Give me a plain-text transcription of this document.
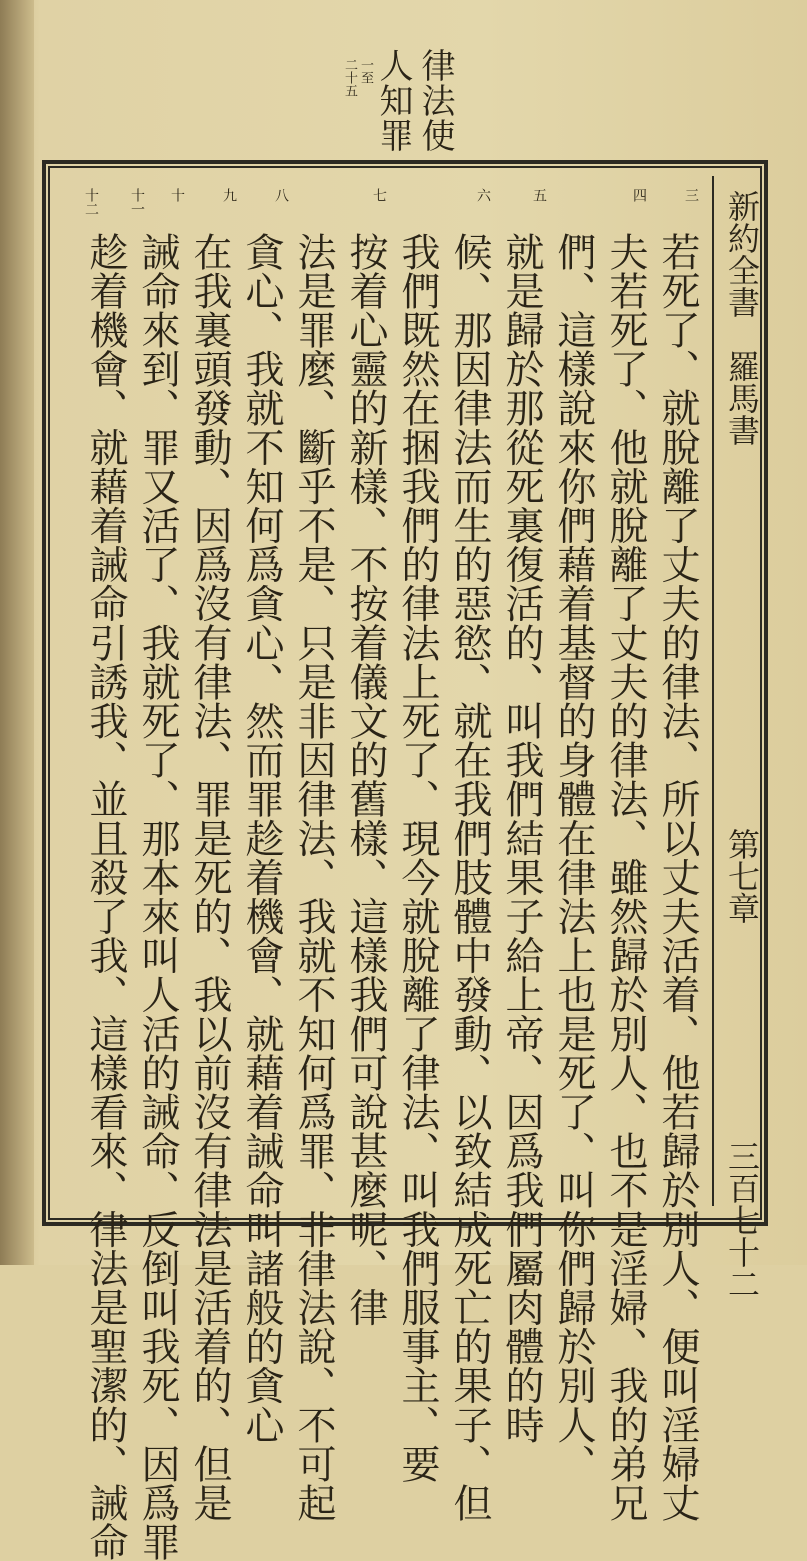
律法使
人知罪
一至
二十五
新約全書　羅馬書
第七章
三百七十二
三
四
五
六
七
八
九
十
十一
十二
若死了、就脫離了丈夫的律法、所以丈夫活着、他若歸於別人、便叫淫婦丈
夫若死了、他就脫離了丈夫的律法、雖然歸於別人、也不是淫婦、我的弟兄
們、這樣說來你們藉着基督的身體在律法上也是死了、叫你們歸於別人、
就是歸於那從死裏復活的、叫我們結果子給上帝、因爲我們屬肉體的時
候、那因律法而生的惡慾、就在我們肢體中發動、以致結成死亡的果子、但
我們既然在捆我們的律法上死了、現今就脫離了律法、叫我們服事主、要
按着心靈的新樣、不按着儀文的舊樣、這樣我們可說甚麼呢、律
法是罪麼、斷乎不是、只是非因律法、我就不知何爲罪、非律法說、不可起
貪心、我就不知何爲貪心、然而罪趁着機會、就藉着誡命叫諸般的貪心
在我裏頭發動、因爲沒有律法、罪是死的、我以前沒有律法是活着的、但是
誡命來到、罪又活了、我就死了、那本來叫人活的誡命、反倒叫我死、因爲罪
趁着機會、就藉着誡命引誘我、並且殺了我、這樣看來、律法是聖潔的、誡命
